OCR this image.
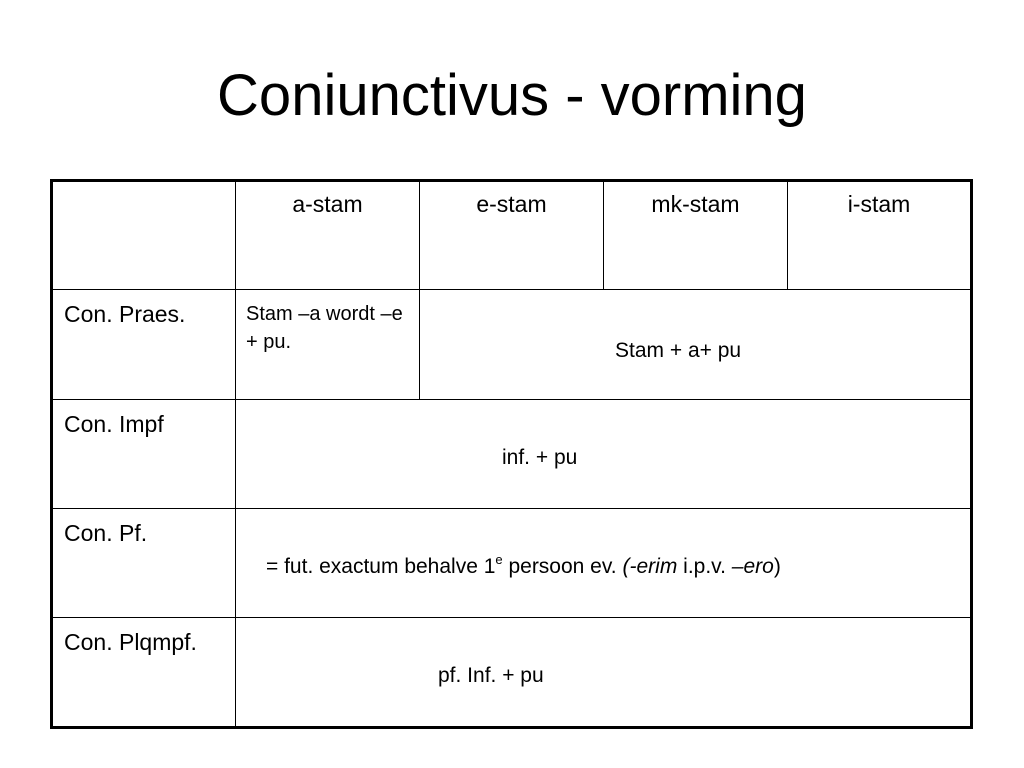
Coniunctivus - vorming
	a-stam	e-stam	mk-stam	i-stam
Con. Praes.	Stam –a wordt –e + pu.	Stam + a+ pu		

Con. Impf	inf. + pu			

Con. Pf.	= fut. exactum behalve 1e persoon ev. (-erim i.p.v. –ero)			

Con. Plqmpf.	pf. Inf. + pu			
